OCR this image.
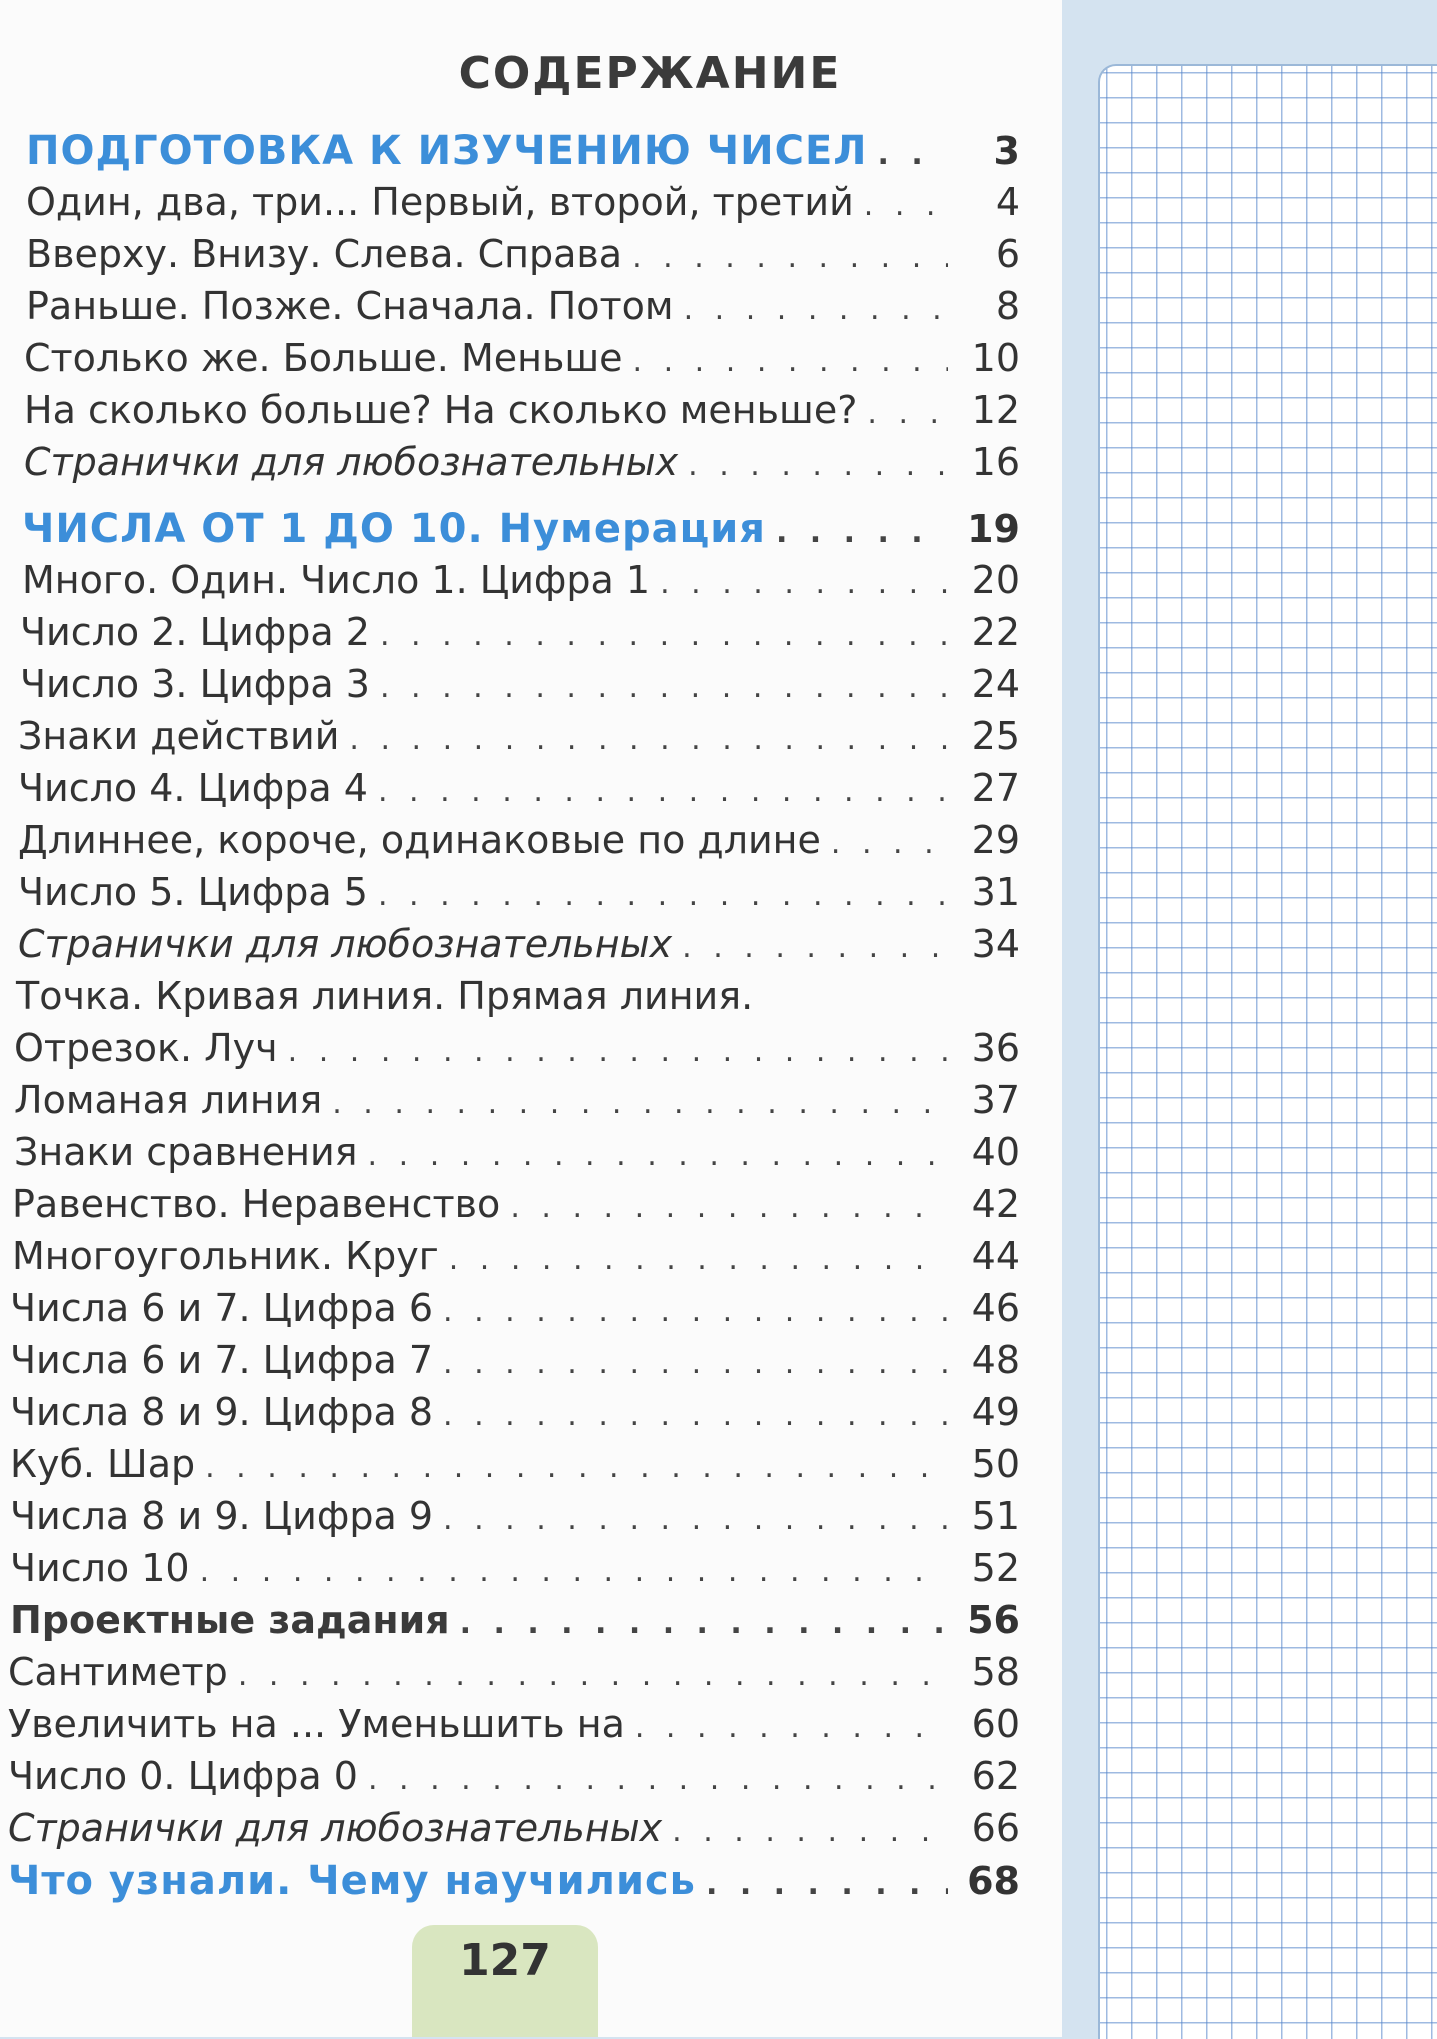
СОДЕРЖАНИЕ
ПОДГОТОВКА К ИЗУЧЕНИЮ ЧИСЕЛ . . .	3
Один, два, три... Первый, второй, третий . . .	4
Вверху. Внизу. Слева. Справа . . .	6
Раньше. Позже. Сначала. Потом . . .	8
Столько же. Больше. Меньше . . .	10
На сколько больше? На сколько меньше? . . .	12
Странички для любознательных . . .	16
ЧИСЛА ОТ 1 ДО 10. Нумерация . . .	19
Много. Один. Число 1. Цифра 1 . . .	20
Число 2. Цифра 2 . . .	22
Число 3. Цифра 3 . . .	24
Знаки действий . . .	25
Число 4. Цифра 4 . . .	27
Длиннее, короче, одинаковые по длине . . .	29
Число 5. Цифра 5 . . .	31
Странички для любознательных . . .	34
Точка. Кривая линия. Прямая линия.
Отрезок. Луч . . .	36
Ломаная линия . . .	37
Знаки сравнения . . .	40
Равенство. Неравенство . . .	42
Многоугольник. Круг . . .	44
Числа 6 и 7. Цифра 6 . . .	46
Числа 6 и 7. Цифра 7 . . .	48
Числа 8 и 9. Цифра 8 . . .	49
Куб. Шар . . .	50
Числа 8 и 9. Цифра 9 . . .	51
Число 10 . . .	52
Проектные задания . . .	56
Сантиметр . . .	58
Увеличить на ... Уменьшить на . . .	60
Число 0. Цифра 0 . . .	62
Странички для любознательных . . .	66
Что узнали. Чему научились . . .	68
127
